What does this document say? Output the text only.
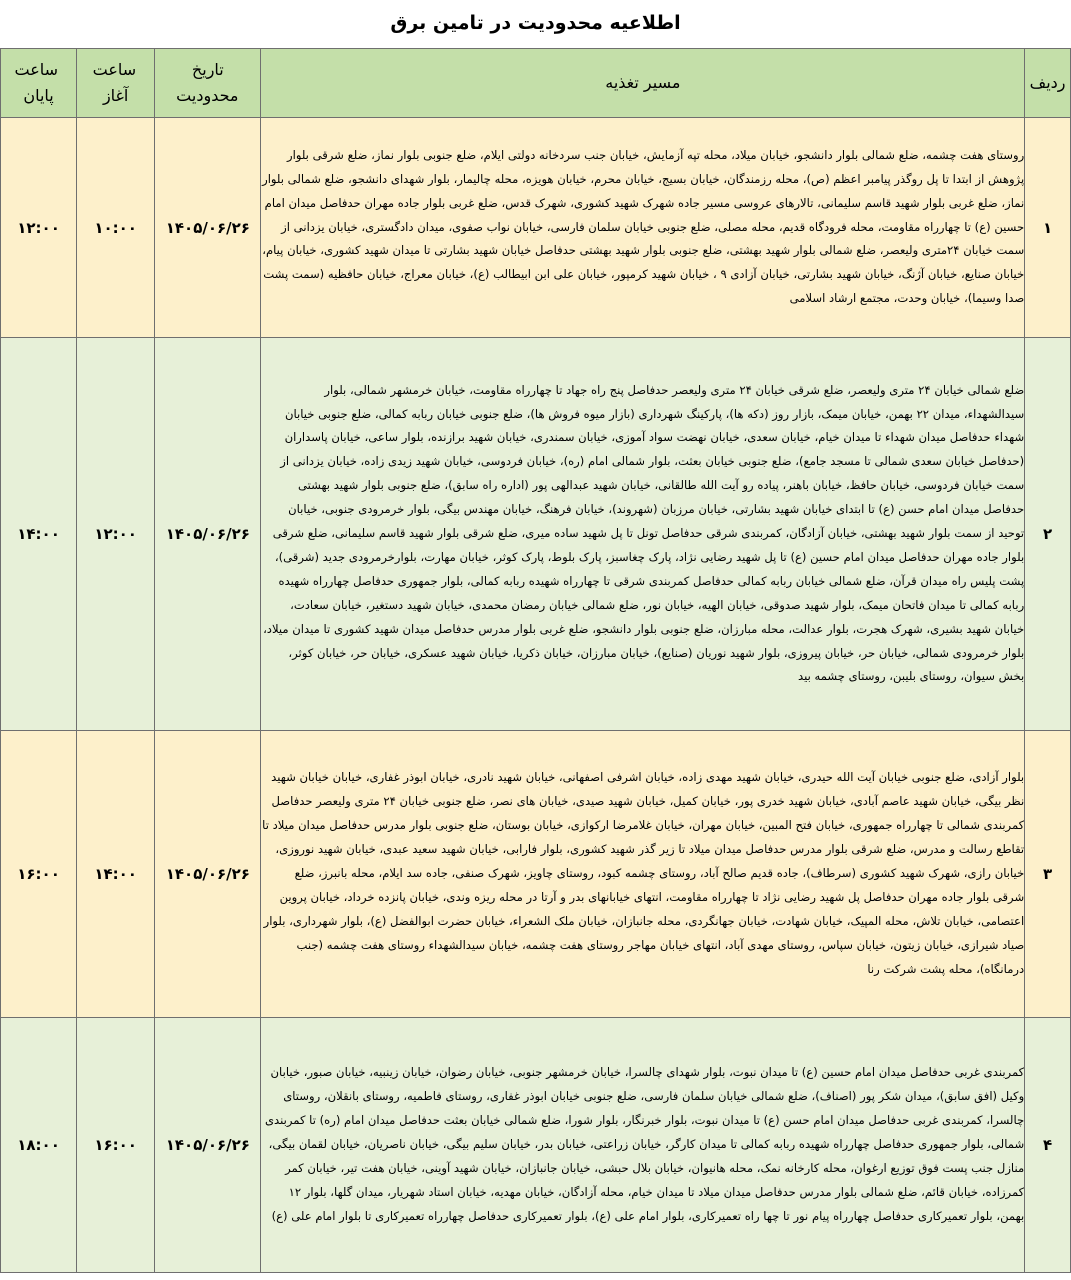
اطلاعیه محدودیت در تامین برق
ردیف	مسیر تغذیه	تاریخ محدودیت	ساعت آغاز	ساعت پایان
۱	روستای هفت چشمه، ضلع شمالی بلوار دانشجو، خیابان میلاد، محله تپه آزمایش، خیابان جنب سردخانه دولتی ایلام، ضلع جنوبی بلوار نماز، ضلع شرقی بلوار پژوهش از ابتدا تا پل روگذر پیامبر اعظم (ص)، محله رزمندگان، خیابان بسیج، خیابان محرم، خیابان هویزه، محله چالیمار، بلوار شهدای دانشجو، ضلع شمالی بلوار نماز، ضلع غربی بلوار شهید قاسم سلیمانی، تالارهای عروسی مسیر جاده شهرک شهید کشوری، شهرک قدس، ضلع غربی بلوار جاده مهران حدفاصل میدان امام حسین (ع) تا چهارراه مقاومت، محله فرودگاه قدیم، محله مصلی، ضلع جنوبی خیابان سلمان فارسی، خیابان نواب صفوی، میدان دادگستری، خیابان یزدانی از سمت خیابان ۲۴متری ولیعصر، ضلع شمالی بلوار شهید بهشتی، ضلع جنوبی بلوار شهید بهشتی حدفاصل خیابان شهید بشارتی تا میدان شهید کشوری، خیابان پیام، خیابان صنایع، خیابان آژنگ، خیابان شهید بشارتی، خیابان آزادی ۹ ، خیابان شهید کرمپور، خیابان علی ابن ابیطالب (ع)، خیابان معراج، خیابان حافظیه (سمت پشت صدا وسیما)، خیابان وحدت، مجتمع ارشاد اسلامی	۱۴۰۵/۰۶/۲۶	۱۰:۰۰	۱۲:۰۰
۲	ضلع شمالی خیابان ۲۴ متری ولیعصر، ضلع شرقی خیابان ۲۴ متری ولیعصر حدفاصل پنج راه جهاد تا چهارراه مقاومت، خیابان خرمشهر شمالی، بلوار سیدالشهداء، میدان ۲۲ بهمن، خیابان میمک، بازار روز (دکه ها)، پارکینگ شهرداری (بازار میوه فروش ها)، ضلع جنوبی خیابان ربابه کمالی، ضلع جنوبی خیابان شهداء حدفاصل میدان شهداء تا میدان خیام، خیابان سعدی، خیابان نهضت سواد آموزی، خیابان سمندری، خیابان شهید برازنده، بلوار ساعی، خیابان پاسداران (حدفاصل خیابان سعدی شمالی تا مسجد جامع)، ضلع جنوبی خیابان بعثت، بلوار شمالی امام (ره)، خیابان فردوسی، خیابان شهید زیدی زاده، خیابان یزدانی از سمت خیابان فردوسی، خیابان حافظ، خیابان باهنر، پیاده رو آیت الله طالقانی، خیابان شهید عبدالهی پور (اداره راه سابق)، ضلع جنوبی بلوار شهید بهشتی حدفاصل میدان امام حسن (ع) تا ابتدای خیابان شهید بشارتی، خیابان مرزبان (شهروند)، خیابان فرهنگ، خیابان مهندس بیگی، بلوار خرمرودی جنوبی، خیابان توحید از سمت بلوار شهید بهشتی، خیابان آزادگان، کمربندی شرقی حدفاصل تونل تا پل شهید ساده میری، ضلع شرقی بلوار شهید قاسم سلیمانی، ضلع شرقی بلوار جاده مهران حدفاصل میدان امام حسین (ع) تا پل شهید رضایی نژاد، پارک چغاسبز، پارک بلوط، پارک کوثر، خیابان مهارت، بلوارخرمرودی جدید (شرقی)، پشت پلیس راه میدان قرآن، ضلع شمالی خیابان ربابه کمالی حدفاصل کمربندی شرقی تا چهارراه شهیده ربابه کمالی، بلوار جمهوری حدفاصل چهارراه شهیده ربابه کمالی تا میدان فاتحان میمک، بلوار شهید صدوقی، خیابان الهیه، خیابان نور، ضلع شمالی خیابان رمضان محمدی، خیابان شهید دستغیر، خیابان سعادت، خیابان شهید بشیری، شهرک هجرت، بلوار عدالت، محله مبارزان، ضلع جنوبی بلوار دانشجو، ضلع غربی بلوار مدرس حدفاصل میدان شهید کشوری تا میدان میلاد، بلوار خرمرودی شمالی، خیابان حر، خیابان پیروزی، بلوار شهید نوریان (صنایع)، خیابان مبارزان، خیابان ذکریا، خیابان شهید عسکری، خیابان حر، خیابان کوثر، بخش سیوان، روستای بلیبن، روستای چشمه بید	۱۴۰۵/۰۶/۲۶	۱۲:۰۰	۱۴:۰۰
۳	بلوار آزادی، ضلع جنوبی خیابان آیت الله حیدری، خیابان شهید مهدی زاده، خیابان اشرفی اصفهانی، خیابان شهید نادری، خیابان ابوذر غفاری، خیابان خیابان شهید نظر بیگی، خیابان شهید عاصم آبادی، خیابان شهید خدری پور، خیابان کمیل، خیابان شهید صیدی، خیابان های نصر، ضلع جنوبی خیابان ۲۴ متری ولیعصر حدفاصل کمربندی شمالی تا چهارراه جمهوری، خیابان فتح المبین، خیابان مهران، خیابان غلامرضا ارکوازی، خیابان بوستان، ضلع جنوبی بلوار مدرس حدفاصل میدان میلاد تا تقاطع رسالت و مدرس، ضلع شرقی بلوار مدرس حدفاصل میدان میلاد تا زیر گذر شهید کشوری، بلوار فارابی، خیابان شهید سعید عبدی، خیابان شهید نوروزی، خیابان رازی، شهرک شهید کشوری (سرطاف)، جاده قدیم صالح آباد، روستای چشمه کبود، روستای چاویز، شهرک صنفی، جاده سد ایلام، محله بانبرز، ضلع شرقی بلوار جاده مهران حدفاصل پل شهید رضایی نژاد تا چهارراه مقاومت، انتهای خیابانهای بدر و آرتا در محله ریزه وندی، خیابان پانزده خرداد، خیابان پروین اعتصامی، خیابان تلاش، محله المپیک، خیابان شهادت، خیابان جهانگردی، محله جانبازان، خیابان ملک الشعراء، خیابان حضرت ابوالفضل (ع)، بلوار شهرداری، بلوار صیاد شیرازی، خیابان زیتون، خیابان سپاس، روستای مهدی آباد، انتهای خیابان مهاجر روستای هفت چشمه، خیابان سیدالشهداء روستای هفت چشمه (جنب درمانگاه)، محله پشت شرکت رنا	۱۴۰۵/۰۶/۲۶	۱۴:۰۰	۱۶:۰۰
۴	کمربندی غربی حدفاصل میدان امام حسین (ع) تا میدان نبوت، بلوار شهدای چالسرا، خیابان خرمشهر جنوبی، خیابان رضوان، خیابان زینبیه، خیابان صبور، خیابان وکیل (افق سابق)، میدان شکر پور (اصناف)، ضلع شمالی خیابان سلمان فارسی، ضلع جنوبی خیابان ابوذر غفاری، روستای فاطمیه، روستای بانقلان، روستای چالسرا، کمربندی غربی حدفاصل میدان امام حسن (ع) تا میدان نبوت، بلوار خبرنگار، بلوار شورا، ضلع شمالی خیابان بعثت حدفاصل میدان امام (ره) تا کمربندی شمالی، بلوار جمهوری حدفاصل چهارراه شهیده ربابه کمالی تا میدان کارگر، خیابان زراعتی، خیابان بدر، خیابان سلیم بیگی، خیابان ناصریان، خیابان لقمان بیگی، منازل جنب پست فوق توزیع ارغوان، محله کارخانه نمک، محله هانیوان، خیابان بلال حبشی، خیابان جانبازان، خیابان شهید آوینی، خیابان هفت تیر، خیابان کمر کمرزاده، خیابان قائم، ضلع شمالی بلوار مدرس حدفاصل میدان میلاد تا میدان خیام، محله آزادگان، خیابان مهدیه، خیابان استاد شهریار، میدان گلها، بلوار ۱۲ بهمن، بلوار تعمیرکاری حدفاصل چهارراه پیام نور تا چها راه تعمیرکاری، بلوار امام علی (ع)، بلوار تعمیرکاری حدفاصل چهارراه تعمیرکاری تا بلوار امام علی (ع)	۱۴۰۵/۰۶/۲۶	۱۶:۰۰	۱۸:۰۰
